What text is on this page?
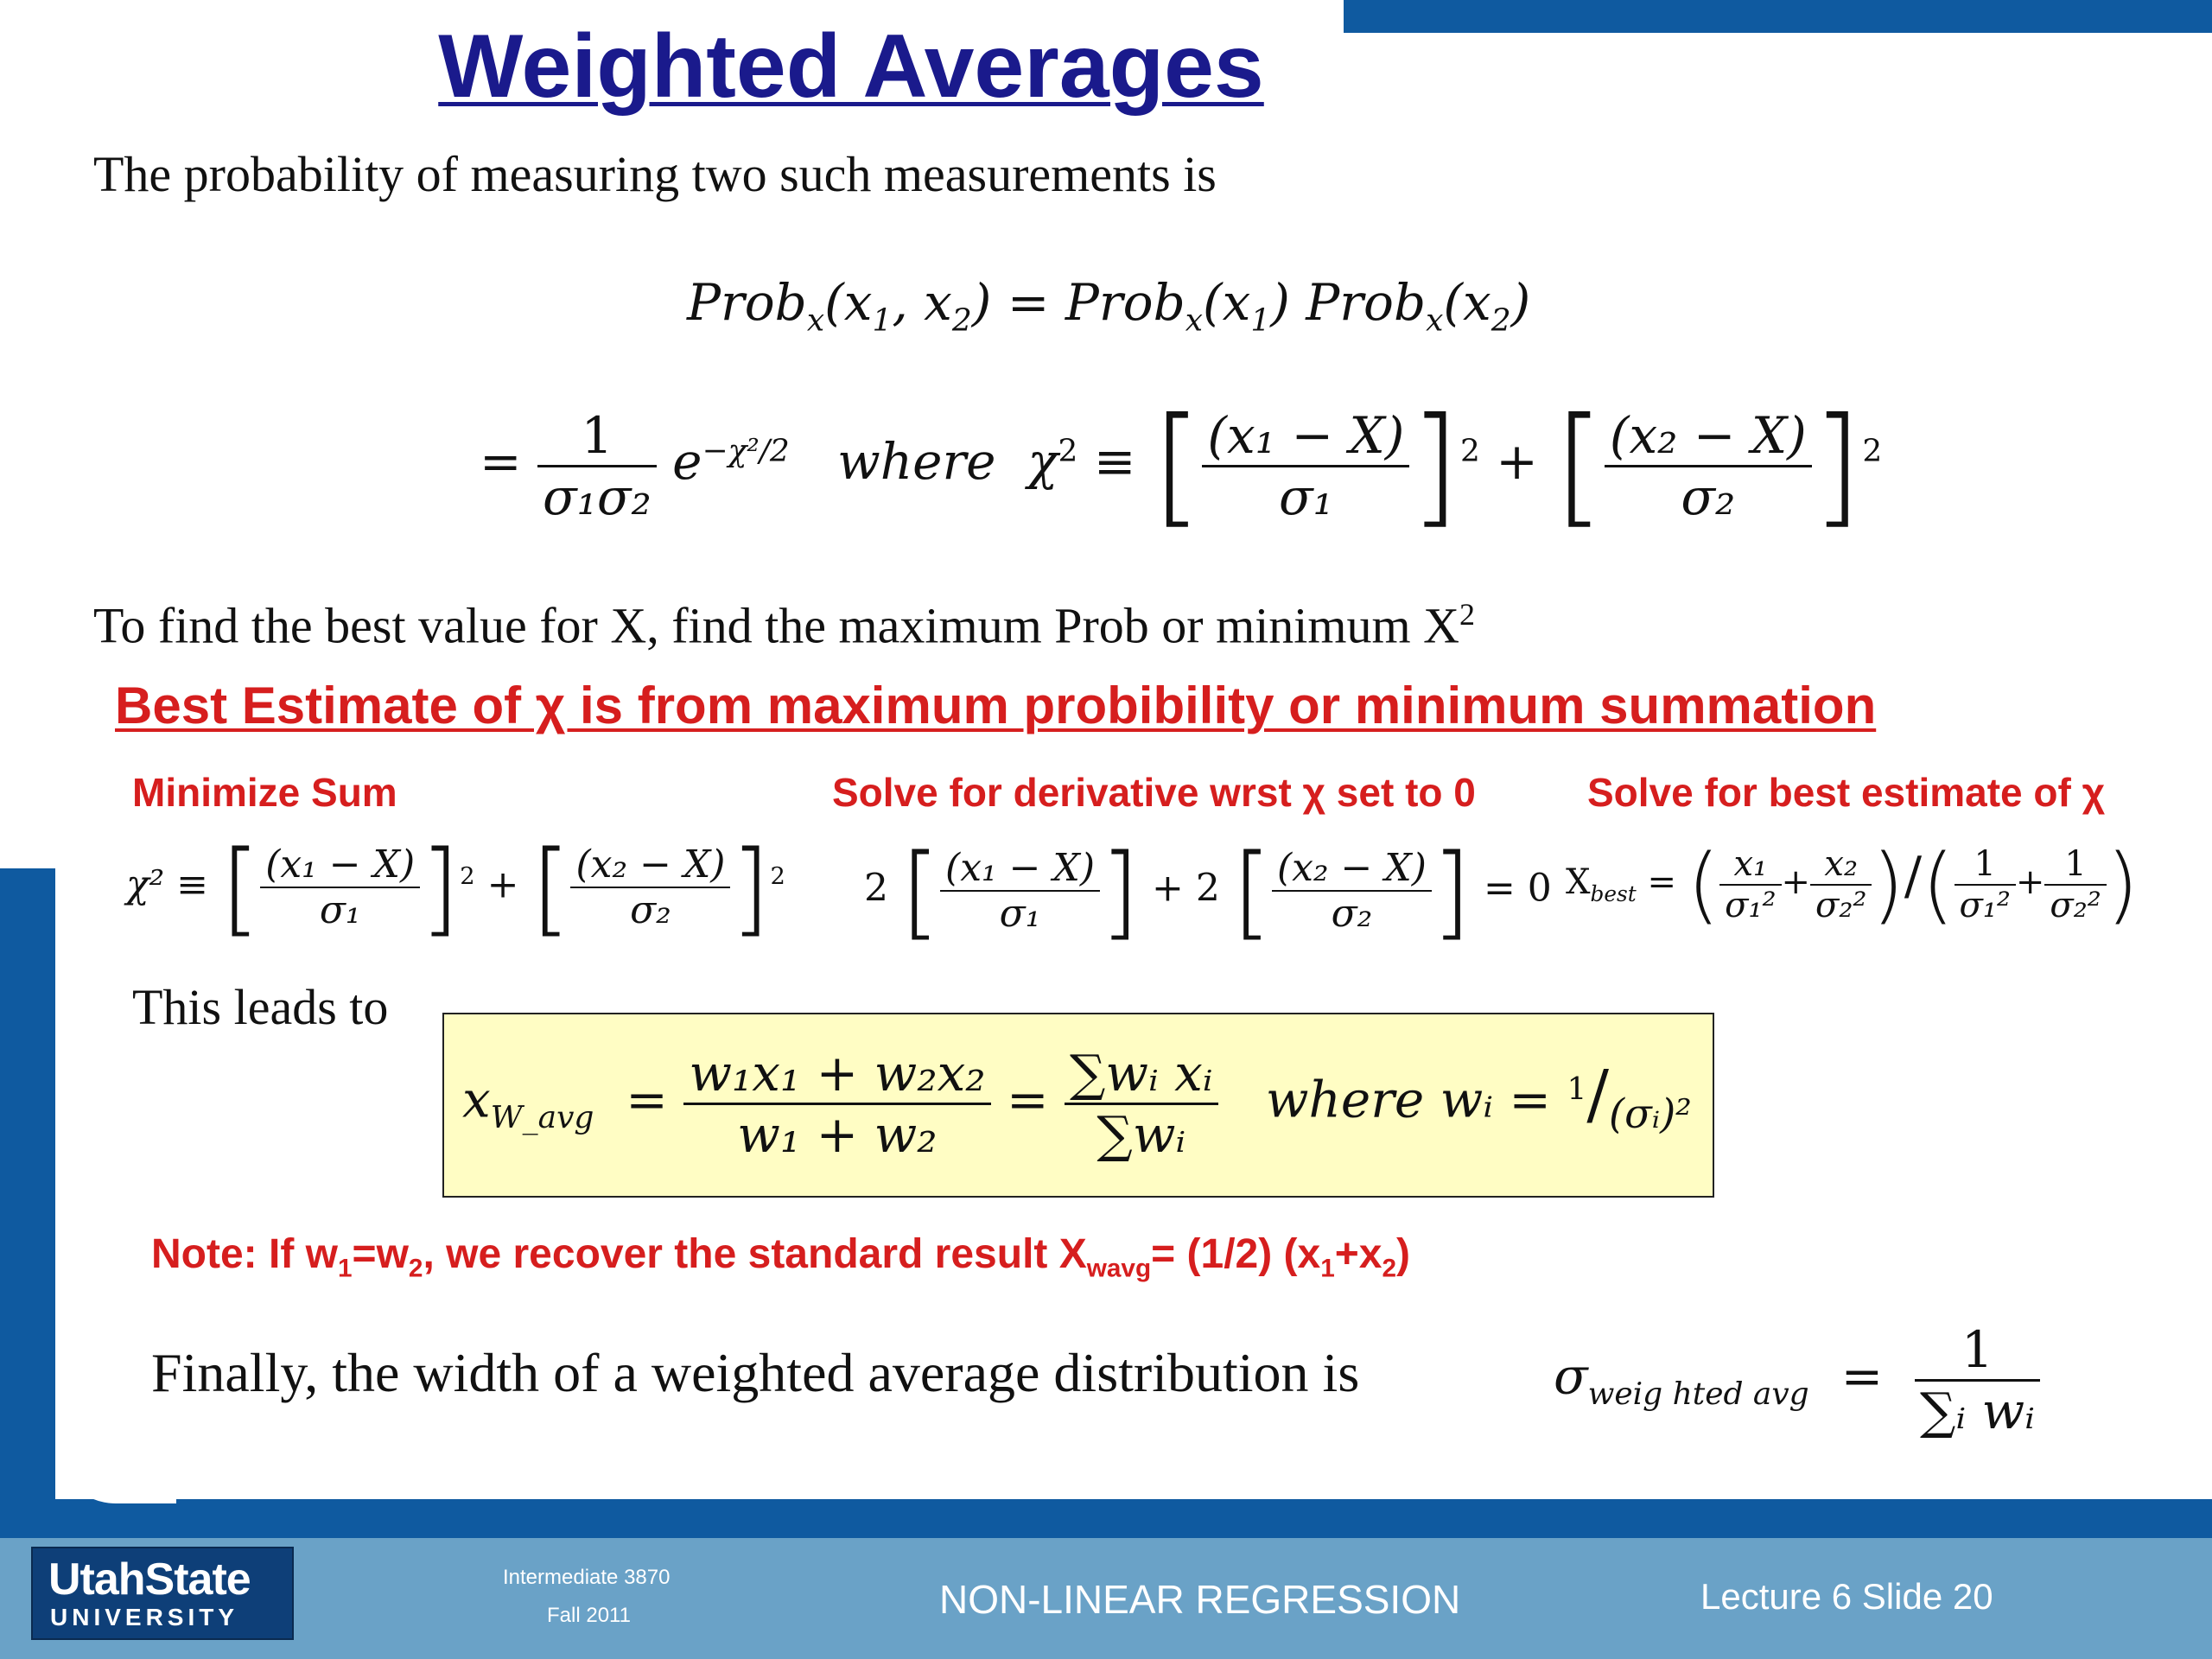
Weighted Averages
The probability of measuring two such measurements is
$Prob_x(x_1$, $x_2$) = $Prob_x(x_1)$ $Prob_x(x_2)$
= $\frac{1}{\text{σ₁σ₂}} e^{-\chi^2/2}$ where $\chi^2$ ≡ [ $\frac{\text{(x₁ − X)}}{\text{σ₁}} ]^2$ + [ $\frac{\text{(x₂ − X)}}{\text{σ₂}} ]^2$
To find the best value for X, find the maximum Prob or minimum $X^2$
Best Estimate of χ is from maximum probibility or minimum summation
Minimize Sum	Solve for derivative wrst χ set to 0	Solve for best estimate of χ
χ² ≡ [ $\frac{\text{(x₁ − X)}}{\text{σ₁}} ]^2$ + [ $\frac{\text{(x₂ − X)}}{\text{σ₂}} ]^2$ 2 [ $\frac{\text{(x₁ − X)}}{\text{σ₁}}$ ] + 2 [ $\frac{\text{(x₂ − X)}}{\text{σ₂}}$ ] = 0 $X_{best}$ = ( $\frac{\text{x₁}}{\text{σ₁²}} + \frac{\text{x₂}}{\text{σ₂²}}$ )/( $\frac{1}{\text{σ₁²}} + \frac{1}{\text{σ₂²}}$ )
This leads to
$x_{W\_avg} = \frac{\text{w₁x₁ + w₂x₂}}{\text{w₁ + w₂}} = \frac{\text{∑wᵢ xᵢ}}{\text{∑wᵢ}}$ where wᵢ = $^1/_{(\sigma ᵢ)^2}$
Note: If $w_1=w_2$, we recover the standard result $X_{wavg}= (1/2)$ $(x_1+x_2)$
Finally, the width of a weighted average distribution is	$\sigma_{weig hted avg} = \frac{1}{\text{∑ᵢ wᵢ}}$
UtahState
UNIVERSITY
Intermediate 3870
Fall 2011	NON-LINEAR REGRESSION	Lecture 6 Slide 20
